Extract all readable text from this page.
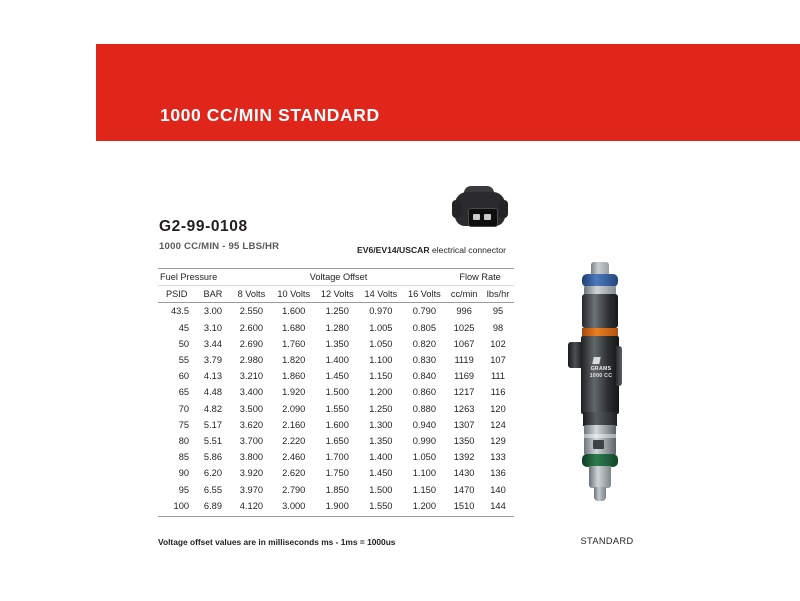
1000 CC/MIN STANDARD
G2-99-0108
1000 CC/MIN - 95 LBS/HR	EV6/EV14/USCAR electrical connector
Fuel Pressure		Voltage Offset					Flow Rate	
PSID	BAR	8 Volts	10 Volts	12 Volts	14 Volts	16 Volts	cc/min	lbs/hr
43.5	3.00	2.550	1.600	1.250	0.970	0.790	996	95
45	3.10	2.600	1.680	1.280	1.005	0.805	1025	98
50	3.44	2.690	1.760	1.350	1.050	0.820	1067	102
55	3.79	2.980	1.820	1.400	1.100	0.830	1119	107
60	4.13	3.210	1.860	1.450	1.150	0.840	1169	111
65	4.48	3.400	1.920	1.500	1.200	0.860	1217	116
70	4.82	3.500	2.090	1.550	1.250	0.880	1263	120
75	5.17	3.620	2.160	1.600	1.300	0.940	1307	124
80	5.51	3.700	2.220	1.650	1.350	0.990	1350	129
85	5.86	3.800	2.460	1.700	1.400	1.050	1392	133
90	6.20	3.920	2.620	1.750	1.450	1.100	1430	136
95	6.55	3.970	2.790	1.850	1.500	1.150	1470	140
100	6.89	4.120	3.000	1.900	1.550	1.200	1510	144
Voltage offset values are in milliseconds ms - 1ms = 1000us
GRAMS
1000 CC
STANDARD
